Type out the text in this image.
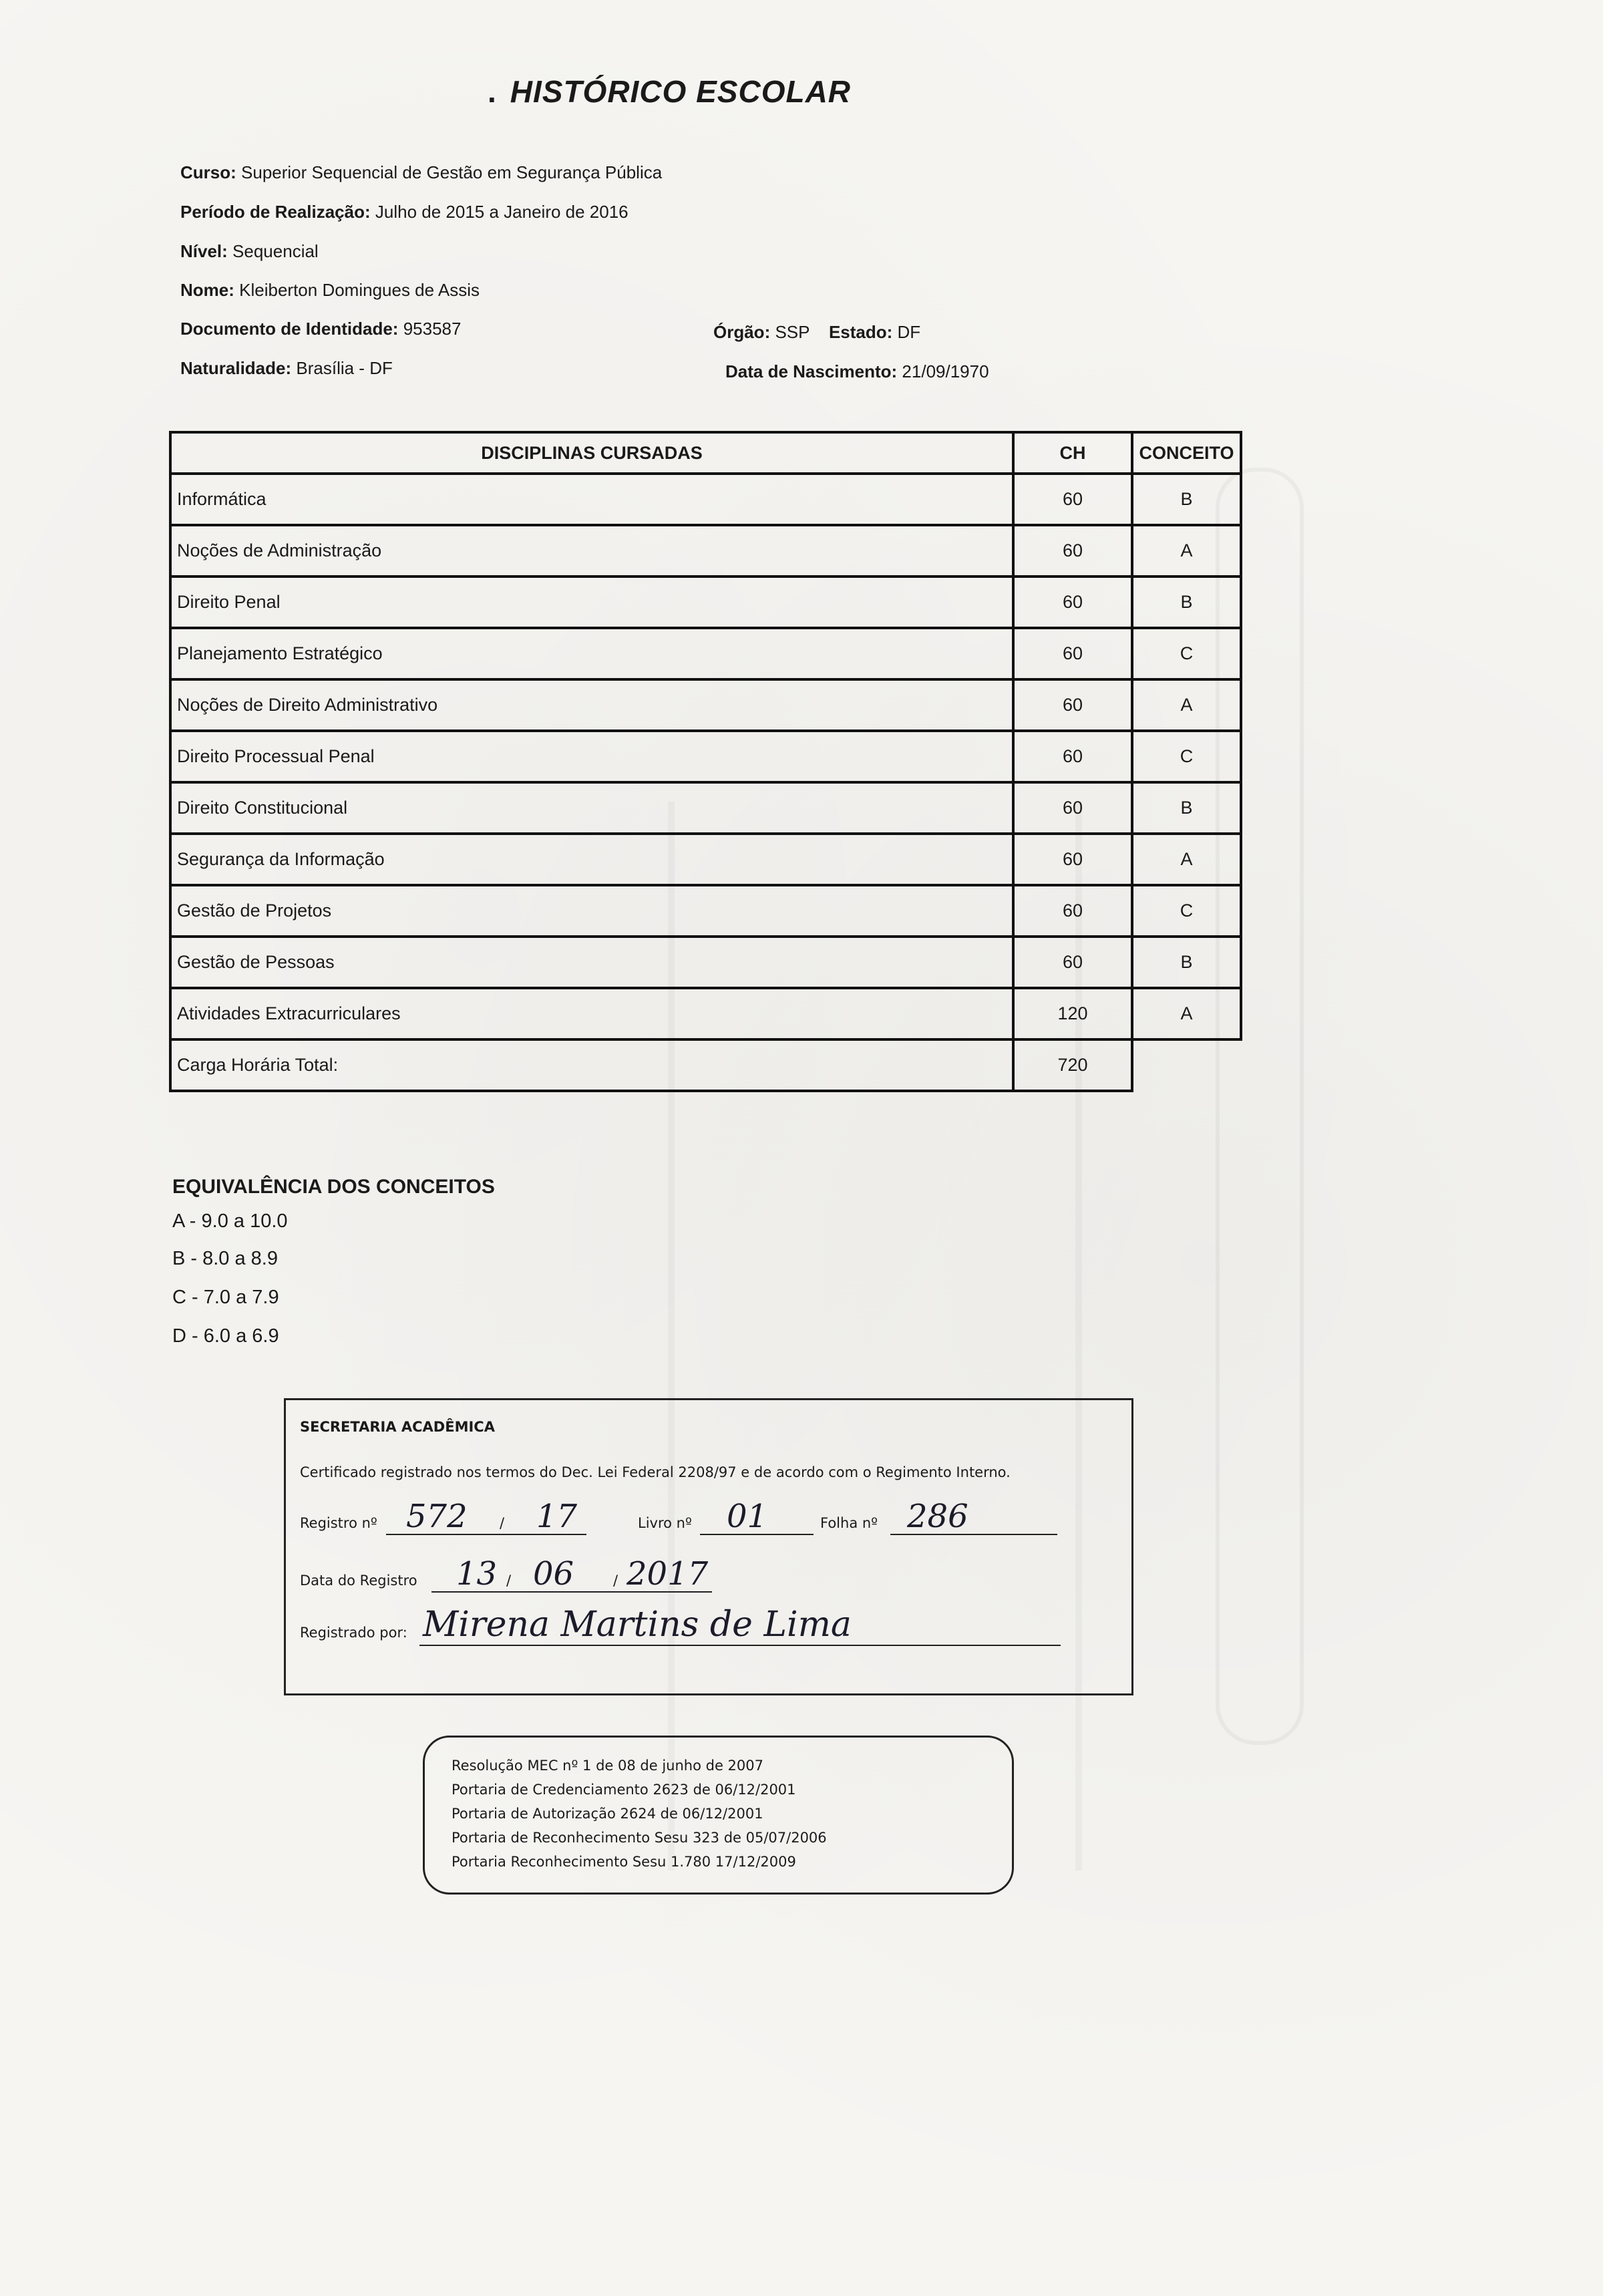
. HISTÓRICO ESCOLAR
Curso: Superior Sequencial de Gestão em Segurança Pública
Período de Realização: Julho de 2015 a Janeiro de 2016
Nível: Sequencial
Nome: Kleiberton Domingues de Assis
Documento de Identidade: 953587	Órgão: SSP Estado: DF
Naturalidade: Brasília - DF	Data de Nascimento: 21/09/1970
DISCIPLINAS CURSADAS	CH	CONCEITO
Informática	60	B
Noções de Administração	60	A
Direito Penal	60	B
Planejamento Estratégico	60	C
Noções de Direito Administrativo	60	A
Direito Processual Penal	60	C
Direito Constitucional	60	B
Segurança da Informação	60	A
Gestão de Projetos	60	C
Gestão de Pessoas	60	B
Atividades Extracurriculares	120	A
Carga Horária Total:	720	
EQUIVALÊNCIA DOS CONCEITOS
A - 9.0 a 10.0
B - 8.0 a 8.9
C - 7.0 a 7.9
D - 6.0 a 6.9
SECRETARIA ACADÊMICA
Certificado registrado nos termos do Dec. Lei Federal 2208/97 e de acordo com o Regimento Interno.
Registro nº 572 / 17	Livro nº 01	Folha nº 286
Data do Registro 13 / 06	/ 2017
Registrado por: Mirena Martins de Lima
Resolução MEC nº 1 de 08 de junho de 2007
Portaria de Credenciamento 2623 de 06/12/2001
Portaria de Autorização 2624 de 06/12/2001
Portaria de Reconhecimento Sesu 323 de 05/07/2006
Portaria Reconhecimento Sesu 1.780 17/12/2009
